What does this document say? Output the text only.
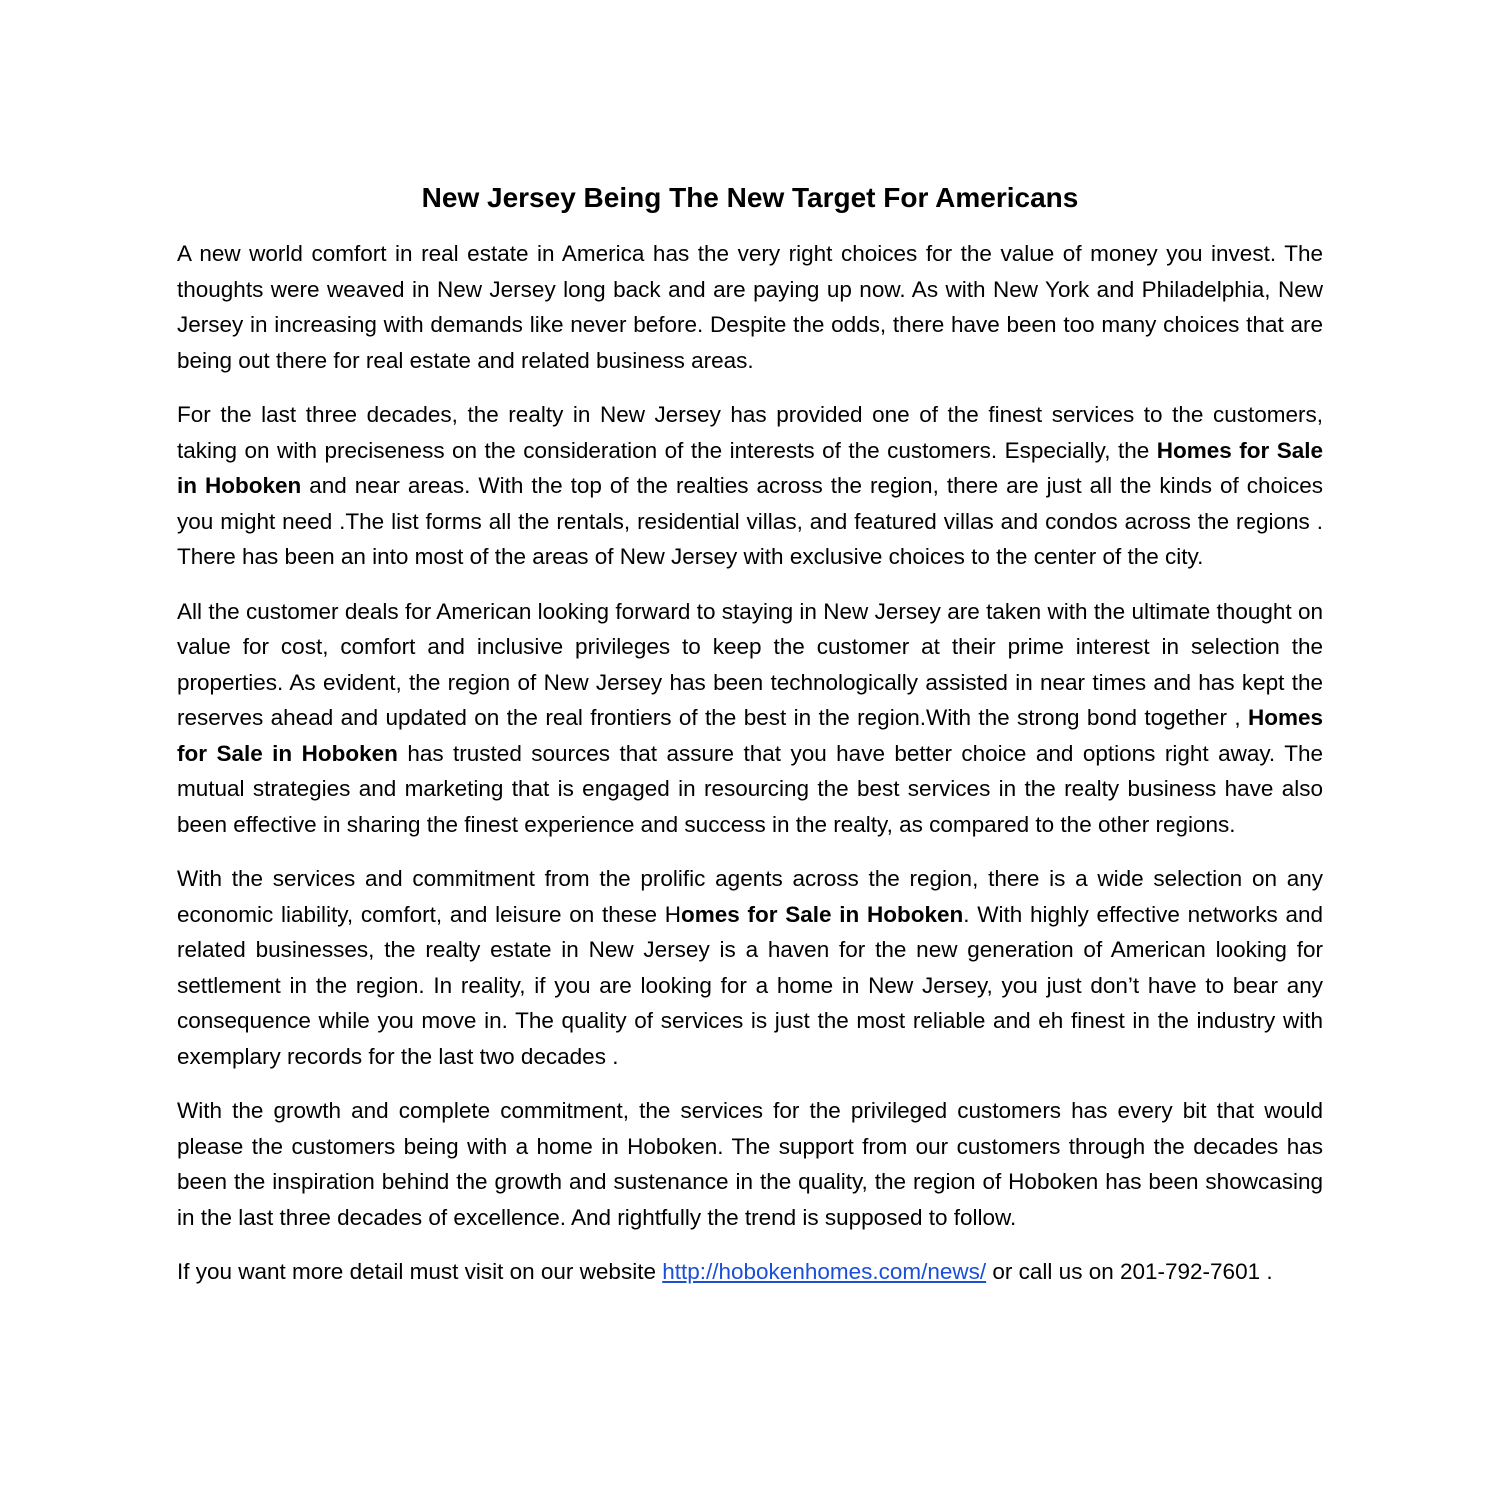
New Jersey Being The New Target For Americans

A new world comfort in real estate in America has the very right choices for the value of money you invest. The thoughts were weaved in New Jersey long back and are paying up now. As with New York and Philadelphia, New Jersey in increasing with demands like never before. Despite the odds, there have been too many choices that are being out there for real estate and related business areas.

For the last three decades, the realty in New Jersey has provided one of the finest services to the customers, taking on with preciseness on the consideration of the interests of the customers. Especially, the Homes for Sale in Hoboken and near areas. With the top of the realties across the region, there are just all the kinds of choices you might need .The list forms all the rentals, residential villas, and featured villas and condos across the regions . There has been an into most of the areas of New Jersey with exclusive choices to the center of the city.

All the customer deals for American looking forward to staying in New Jersey are taken with the ultimate thought on value for cost, comfort and inclusive privileges to keep the customer at their prime interest in selection the properties. As evident, the region of New Jersey has been technologically assisted in near times and has kept the reserves ahead and updated on the real frontiers of the best in the region.With the strong bond together , Homes for Sale in Hoboken has trusted sources that assure that you have better choice and options right away. The mutual strategies and marketing that is engaged in resourcing the best services in the realty business have also been effective in sharing the finest experience and success in the realty, as compared to the other regions.

With the services and commitment from the prolific agents across the region, there is a wide selection on any economic liability, comfort, and leisure on these Homes for Sale in Hoboken. With highly effective networks and related businesses, the realty estate in New Jersey is a haven for the new generation of American looking for settlement in the region. In reality, if you are looking for a home in New Jersey, you just don’t have to bear any consequence while you move in. The quality of services is just the most reliable and eh finest in the industry with exemplary records for the last two decades .

With the growth and complete commitment, the services for the privileged customers has every bit that would please the customers being with a home in Hoboken. The support from our customers through the decades has been the inspiration behind the growth and sustenance in the quality, the region of Hoboken has been showcasing in the last three decades of excellence. And rightfully the trend is supposed to follow.

If you want more detail must visit on our website http://hobokenhomes.com/news/ or call us on 201-792-7601 .
